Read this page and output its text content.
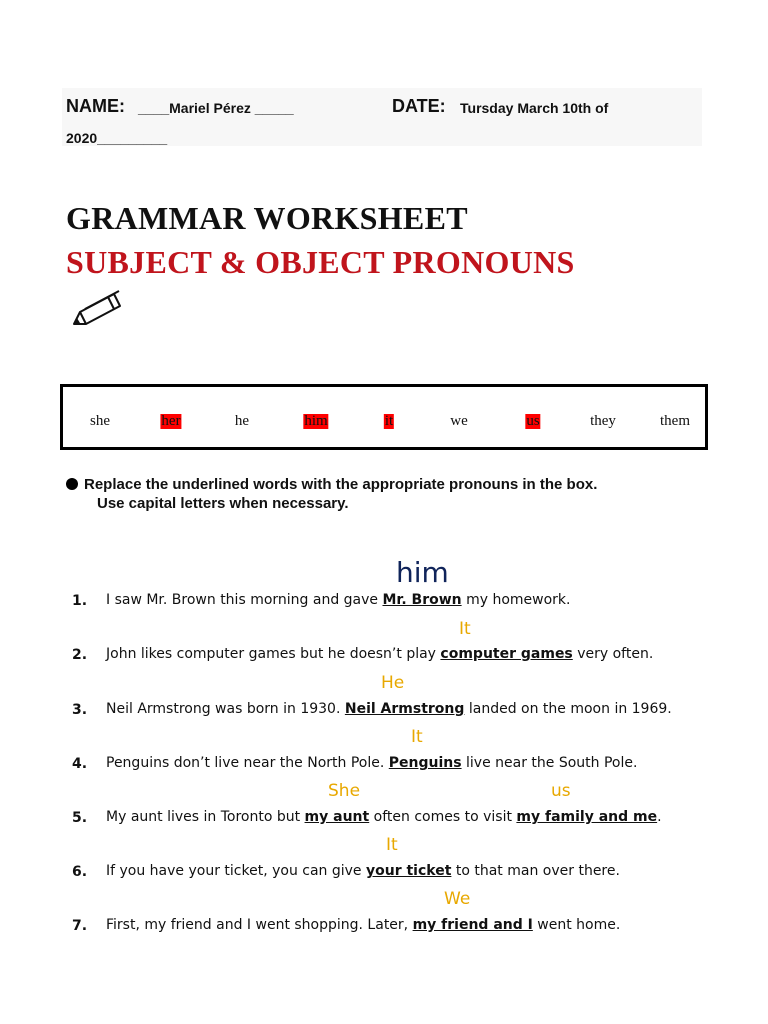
NAME: ____Mariel Pérez _____	DATE: Tursday March 10th of
2020_________
GRAMMAR WORKSHEET
SUBJECT & OBJECT PRONOUNS
she	her	he	him	it	we	us	they	them
Replace the underlined words with the appropriate pronouns in the box.
Use capital letters when necessary.
him
It
He
It
She	us
It
We
1. I saw Mr. Brown this morning and gave Mr. Brown my homework.
2. John likes computer games but he doesn’t play computer games very often.
3. Neil Armstrong was born in 1930. Neil Armstrong landed on the moon in 1969.
4. Penguins don’t live near the North Pole. Penguins live near the South Pole.
5. My aunt lives in Toronto but my aunt often comes to visit my family and me.
6. If you have your ticket, you can give your ticket to that man over there.
7. First, my friend and I went shopping. Later, my friend and I went home.
